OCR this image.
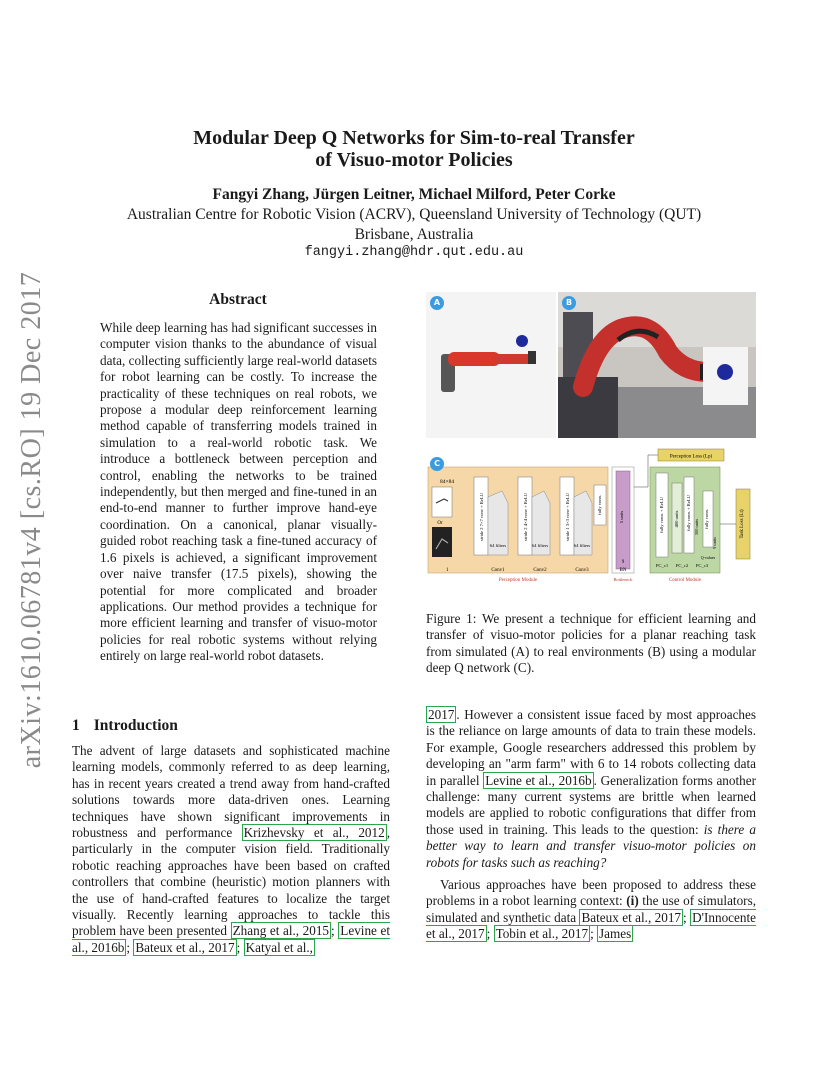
arXiv:1610.06781v4 [cs.RO] 19 Dec 2017
Modular Deep Q Networks for Sim-to-real Transfer
of Visuo-motor Policies
Fangyi Zhang, Jürgen Leitner, Michael Milford, Peter Corke
Australian Centre for Robotic Vision (ACRV), Queensland University of Technology (QUT)
Brisbane, Australia
fangyi.zhang@hdr.qut.edu.au
Abstract
While deep learning has had significant successes in computer vision thanks to the abundance of visual data, collecting sufficiently large real-world datasets for robot learning can be costly. To increase the practicality of these techniques on real robots, we propose a modular deep reinforcement learning method capable of transferring models trained in simulation to a real-world robotic task. We introduce a bottleneck between perception and control, enabling the networks to be trained independently, but then merged and fine-tuned in an end-to-end manner to further improve hand-eye coordination. On a canonical, planar visually-guided robot reaching task a fine-tuned accuracy of 1.6 pixels is achieved, a significant improvement over naive transfer (17.5 pixels), showing the potential for more complicated and broader applications. Our method provides a technique for more efficient learning and transfer of visuo-motor policies for real robotic systems without relying entirely on large real-world robot datasets.
A	B
84×84
Or
1
stride 2 7×7 conv + ReLU
64 filters
Conv1
stride 2 4×4 conv + ReLU
64 filters
Conv2
stride 1 3×3 conv + ReLU
64 filters
Conv3
fully conn.
Perception Module
5 units
9
BN
Bottleneck
Perception Loss (Lp)
fully conn. + ReLU 400 units fully conn. + ReLU 300 units fully conn.
9 units
Q-values
FC_c1 FC_c2 FC_c3
Control Module
Task Loss (Lt)
C
Figure 1: We present a technique for efficient learning and transfer of visuo-motor policies for a planar reaching task from simulated (A) to real environments (B) using a modular deep Q network (C).
1 Introduction

The advent of large datasets and sophisticated machine learning models, commonly referred to as deep learning, has in recent years created a trend away from hand-crafted solutions towards more data-driven ones. Learning techniques have shown significant improvements in robustness and performance Krizhevsky et al., 2012 , particularly in the computer vision field. Traditionally robotic reaching approaches have been based on crafted controllers that combine (heuristic) motion planners with the use of hand-crafted features to localize the target visually. Recently learning approaches to tackle this problem have been presented Zhang et al., 2015 ; Levine et al., 2016b ; Bateux et al., 2017 ; Katyal et al.,

2017 . However a consistent issue faced by most approaches is the reliance on large amounts of data to train these models. For example, Google researchers addressed this problem by developing an "arm farm" with 6 to 14 robots collecting data in parallel Levine et al., 2016b . Generalization forms another challenge: many current systems are brittle when learned models are applied to robotic configurations that differ from those used in training. This leads to the question: is there a better way to learn and transfer visuo-motor policies on robots for tasks such as reaching?

Various approaches have been proposed to address these problems in a robot learning context: (i) the use of simulators, simulated and synthetic data Bateux et al., 2017 ; D'Innocente et al., 2017 ; Tobin et al., 2017 ; James
